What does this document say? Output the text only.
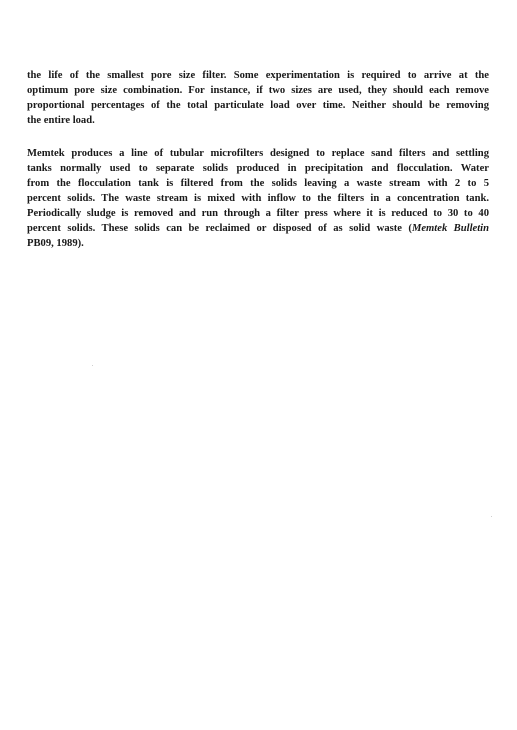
the life of the smallest pore size filter. Some experimentation is required to arrive at the
optimum pore size combination. For instance, if two sizes are used, they should each remove
proportional percentages of the total particulate load over time. Neither should be removing
the entire load.
Memtek produces a line of tubular microfilters designed to replace sand filters and settling
tanks normally used to separate solids produced in precipitation and flocculation. Water
from the flocculation tank is filtered from the solids leaving a waste stream with 2 to 5
percent solids. The waste stream is mixed with inflow to the filters in a concentration tank.
Periodically sludge is removed and run through a filter press where it is reduced to 30 to 40
percent solids. These solids can be reclaimed or disposed of as solid waste (Memtek Bulletin
PB09, 1989).
